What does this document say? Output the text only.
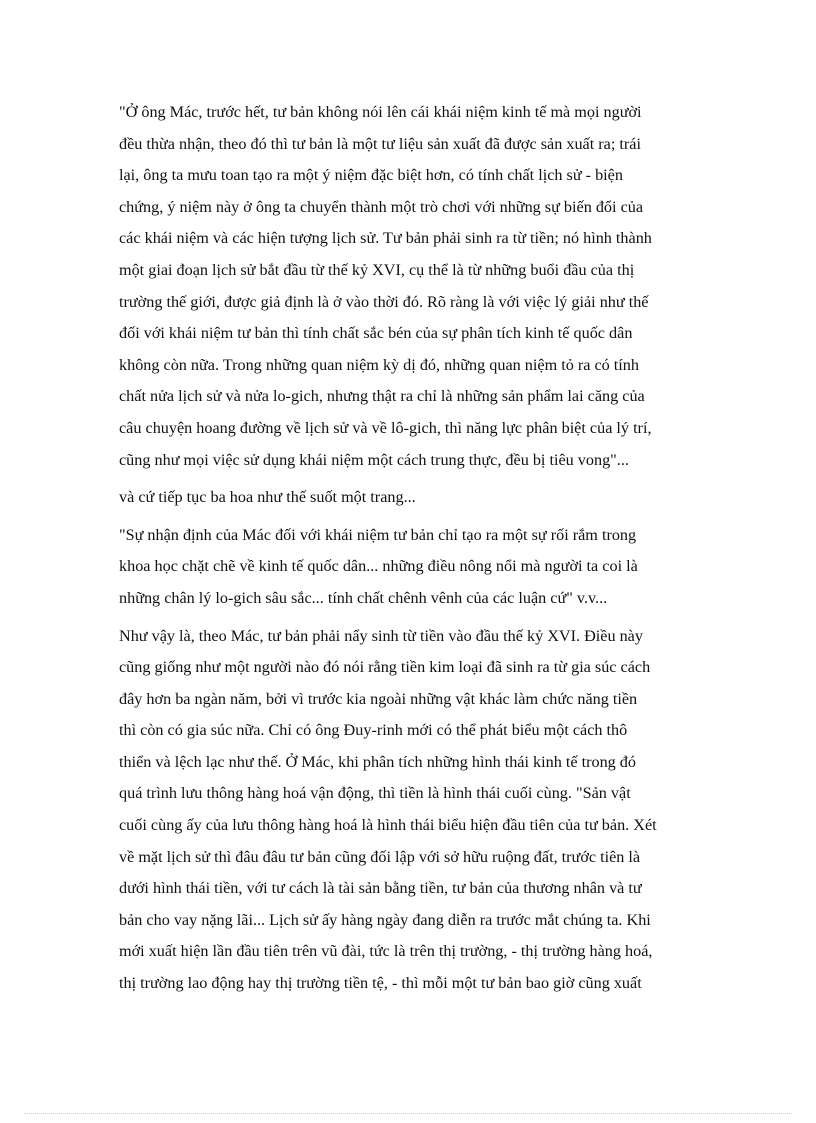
"Ở ông Mác, trước hết, tư bản không nói lên cái khái niệm kinh tế mà mọi người
đều thừa nhận, theo đó thì tư bản là một tư liệu sản xuất đã được sản xuất ra; trái
lại, ông ta mưu toan tạo ra một ý niệm đặc biệt hơn, có tính chất lịch sử - biện
chứng, ý niệm này ở ông ta chuyển thành một trò chơi với những sự biến đổi của
các khái niệm và các hiện tượng lịch sử. Tư bản phải sinh ra từ tiền; nó hình thành
một giai đoạn lịch sử bắt đầu từ thế kỷ XVI, cụ thể là từ những buổi đầu của thị
trường thế giới, được giả định là ở vào thời đó. Rõ ràng là với việc lý giải như thế
đối với khái niệm tư bản thì tính chất sắc bén của sự phân tích kinh tế quốc dân
không còn nữa. Trong những quan niệm kỳ dị đó, những quan niệm tỏ ra có tính
chất nửa lịch sử và nửa lo-gich, nhưng thật ra chỉ là những sản phẩm lai căng của
câu chuyện hoang đường về lịch sử và về lô-gich, thì năng lực phân biệt của lý trí,
cũng như mọi việc sử dụng khái niệm một cách trung thực, đều bị tiêu vong"...
và cứ tiếp tục ba hoa như thế suốt một trang...
"Sự nhận định của Mác đối với khái niệm tư bản chỉ tạo ra một sự rối rắm trong
khoa học chặt chẽ về kinh tế quốc dân... những điều nông nổi mà người ta coi là
những chân lý lo-gich sâu sắc... tính chất chênh vênh của các luận cứ" v.v...
Như vậy là, theo Mác, tư bản phải nẩy sinh từ tiền vào đầu thế kỷ XVI. Điều này
cũng giống như một người nào đó nói rằng tiền kim loại đã sinh ra từ gia súc cách
đây hơn ba ngàn năm, bởi vì trước kia ngoài những vật khác làm chức năng tiền
thì còn có gia súc nữa. Chỉ có ông Đuy-rinh mới có thể phát biểu một cách thô
thiển và lệch lạc như thế. Ở Mác, khi phân tích những hình thái kinh tế trong đó
quá trình lưu thông hàng hoá vận động, thì tiền là hình thái cuối cùng. "Sản vật
cuối cùng ấy của lưu thông hàng hoá là hình thái biểu hiện đầu tiên của tư bản. Xét
về mặt lịch sử thì đâu đâu tư bản cũng đối lập với sở hữu ruộng đất, trước tiên là
dưới hình thái tiền, với tư cách là tài sản bằng tiền, tư bản của thương nhân và tư
bản cho vay nặng lãi... Lịch sử ấy hàng ngày đang diễn ra trước mắt chúng ta. Khi
mới xuất hiện lần đầu tiên trên vũ đài, tức là trên thị trường, - thị trường hàng hoá,
thị trường lao động hay thị trường tiền tệ, - thì mỗi một tư bản bao giờ cũng xuất
